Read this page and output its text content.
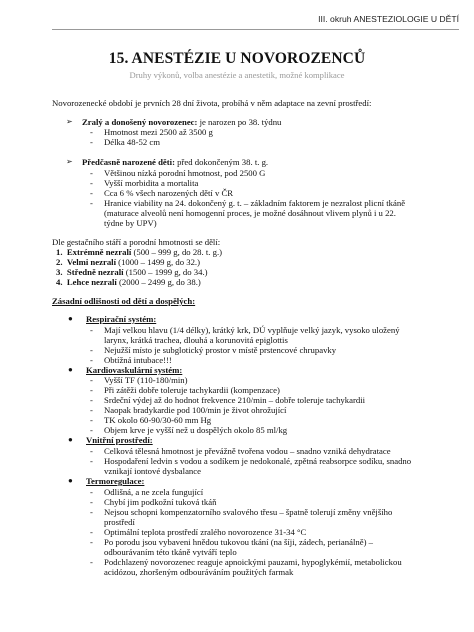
III. okruh ANESTEZIOLOGIE U DĚTÍ
15. ANESTÉZIE U NOVOROZENCŮ
Druhy výkonů, volba anestézie a anestetik, možné komplikace
Novorozenecké období je prvních 28 dní života, probíhá v něm adaptace na zevní prostředí:
➢ Zralý a donošený novorozenec: je narozen po 38. týdnu
- Hmotnost mezi 2500 až 3500 g
- Délka 48-52 cm
➢ Předčasně narozené děti: před dokončeným 38. t. g.
- Většinou nízká porodní hmotnost, pod 2500 G
- Vyšší morbidita a mortalita
- Cca 6 % všech narozených dětí v ČR
- Hranice viability na 24. dokončený g. t. – základním faktorem je nezralost plicní tkáně
(maturace alveolů není homogenní proces, je možné dosáhnout vlivem plynů i u 22.
týdne by UPV)
Dle gestačního stáří a porodní hmotnosti se dělí:
1. Extrémně nezralí (500 – 999 g, do 28. t. g.)
2. Velmi nezralí (1000 – 1499 g, do 32.)
3. Středně nezralí (1500 – 1999 g, do 34.)
4. Lehce nezralí (2000 – 2499 g, do 38.)
Zásadní odlišnosti od dětí a dospělých:
● Respirační systém:
- Mají velkou hlavu (1/4 délky), krátký krk, DÚ vyplňuje velký jazyk, vysoko uložený
larynx, krátká trachea, dlouhá a korunovitá epiglottis
- Nejužší místo je subglotický prostor v místě prstencové chrupavky
- Obtížná intubace!!!
● Kardiovaskulární systém:
- Vyšší TF (110-180/min)
- Při zátěži dobře toleruje tachykardii (kompenzace)
- Srdeční výdej až do hodnot frekvence 210/min – dobře toleruje tachykardii
- Naopak bradykardie pod 100/min je život ohrožující
- TK okolo 60-90/30-60 mm Hg
- Objem krve je vyšší než u dospělých okolo 85 ml/kg
● Vnitřní prostředí:
- Celková tělesná hmotnost je převážně tvořena vodou – snadno vzniká dehydratace
- Hospodaření ledvin s vodou a sodíkem je nedokonalé, zpětná reabsorpce sodíku, snadno
vznikají iontové dysbalance
● Termoregulace:
- Odlišná, a ne zcela fungující
- Chybí jim podkožní tuková tkáň
- Nejsou schopni kompenzatorního svalového třesu – špatně tolerují změny vnějšího
prostředí
- Optimální teplota prostředí zralého novorozence 31-34 °C
- Po porodu jsou vybaveni hnědou tukovou tkání (na šíji, zádech, perianálně) –
odbourávaním této tkáně vytváří teplo
- Podchlazený novorozenec reaguje apnoickými pauzami, hypoglykémií, metabolickou
acidózou, zhoršeným odbouráváním použitých farmak
